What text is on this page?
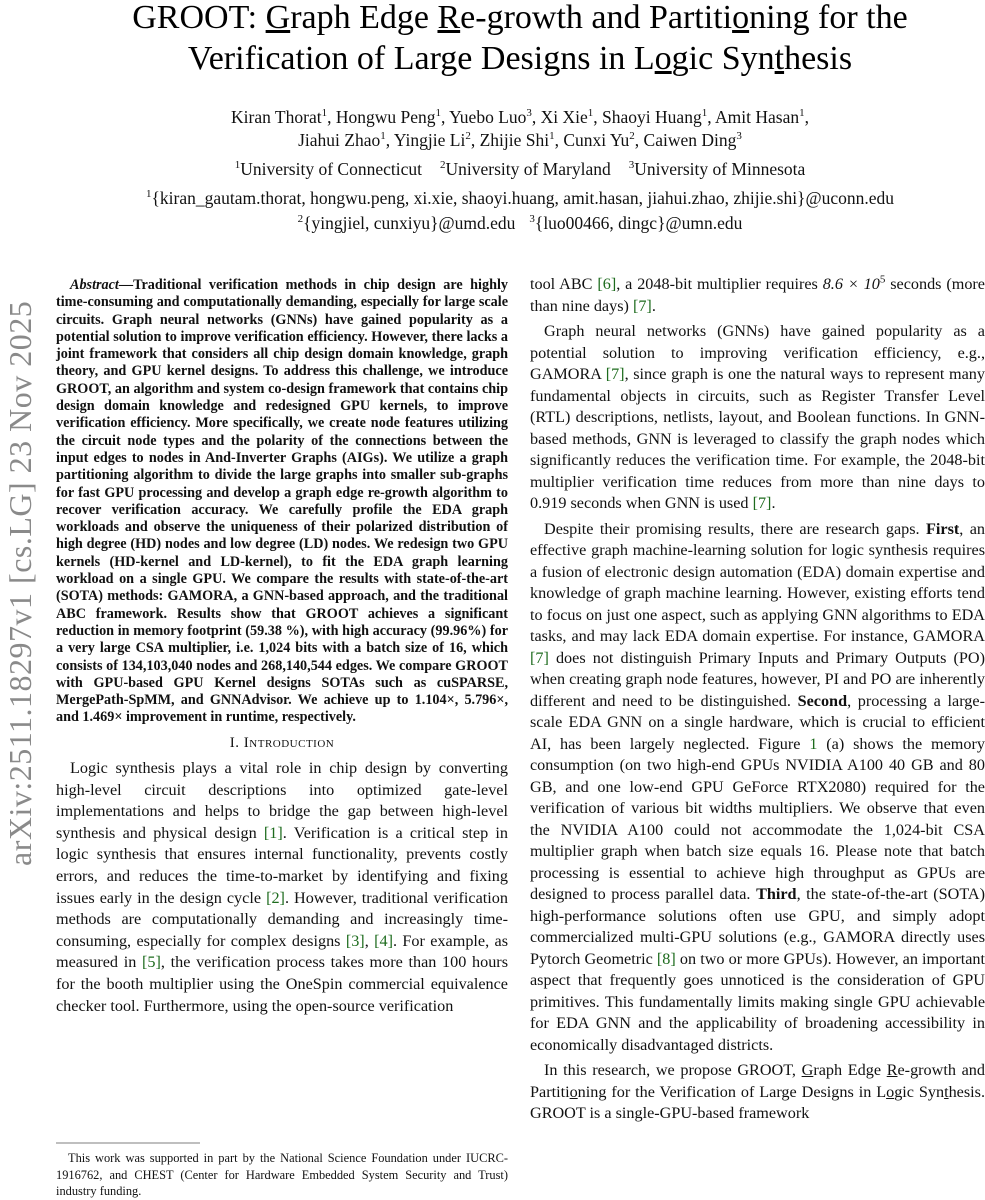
arXiv:2511.18297v1 [cs.LG] 23 Nov 2025
GROOT: Graph Edge Re-growth and Partitioning for the
Verification of Large Designs in Logic Synthesis
Kiran Thorat$^1$, Hongwu Peng$^1$, Yuebo Luo$^3$, Xi Xie$^1$, Shaoyi Huang$^1$, Amit Hasan$^1$,
Jiahui Zhao$^1$, Yingjie Li$^2$, Zhijie Shi$^1$, Cunxi Yu$^2$, Caiwen Ding$^3$
$^1$University of Connecticut $^2$University of Maryland $^3$University of Minnesota
$^1${kiran_gautam.thorat, hongwu.peng, xi.xie, shaoyi.huang, amit.hasan, jiahui.zhao, zhijie.shi}@uconn.edu
$^2${yingjiel, cunxiyu}@umd.edu $^3${luo00466, dingc}@umn.edu
Abstract—Traditional verification methods in chip design are highly time-consuming and computationally demanding, especially for large scale circuits. Graph neural networks (GNNs) have gained popularity as a potential solution to improve verification efficiency. However, there lacks a joint framework that considers all chip design domain knowledge, graph theory, and GPU kernel designs. To address this challenge, we introduce GROOT, an algorithm and system co-design framework that contains chip design domain knowledge and redesigned GPU kernels, to improve verification efficiency. More specifically, we create node features utilizing the circuit node types and the polarity of the connections between the input edges to nodes in And-Inverter Graphs (AIGs). We utilize a graph partitioning algorithm to divide the large graphs into smaller sub-graphs for fast GPU processing and develop a graph edge re-growth algorithm to recover verification accuracy. We carefully profile the EDA graph workloads and observe the uniqueness of their polarized distribution of high degree (HD) nodes and low degree (LD) nodes. We redesign two GPU kernels (HD-kernel and LD-kernel), to fit the EDA graph learning workload on a single GPU. We compare the results with state-of-the-art (SOTA) methods: GAMORA, a GNN-based approach, and the traditional ABC framework. Results show that GROOT achieves a significant reduction in memory footprint (59.38 %), with high accuracy (99.96%) for a very large CSA multiplier, i.e. 1,024 bits with a batch size of 16, which consists of 134,103,040 nodes and 268,140,544 edges. We compare GROOT with GPU-based GPU Kernel designs SOTAs such as cuSPARSE, MergePath-SpMM, and GNNAdvisor. We achieve up to 1.104×, 5.796×, and 1.469× improvement in runtime, respectively.
I. Introduction

Logic synthesis plays a vital role in chip design by converting high-level circuit descriptions into optimized gate-level implementations and helps to bridge the gap between high-level synthesis and physical design [1]. Verification is a critical step in logic synthesis that ensures internal functionality, prevents costly errors, and reduces the time-to-market by identifying and fixing issues early in the design cycle [2]. However, traditional verification methods are computationally demanding and increasingly time-consuming, especially for complex designs [3], [4]. For example, as measured in [5], the verification process takes more than 100 hours for the booth multiplier using the OneSpin commercial equivalence checker tool. Furthermore, using the open-source verification

This work was supported in part by the National Science Foundation under IUCRC-1916762, and CHEST (Center for Hardware Embedded System Security and Trust) industry funding.

tool ABC [6], a 2048-bit multiplier requires $8.6 \times 10^5$ seconds (more than nine days) [7].

Graph neural networks (GNNs) have gained popularity as a potential solution to improving verification efficiency, e.g., GAMORA [7], since graph is one the natural ways to represent many fundamental objects in circuits, such as Register Transfer Level (RTL) descriptions, netlists, layout, and Boolean functions. In GNN-based methods, GNN is leveraged to classify the graph nodes which significantly reduces the verification time. For example, the 2048-bit multiplier verification time reduces from more than nine days to 0.919 seconds when GNN is used [7].

Despite their promising results, there are research gaps. First, an effective graph machine-learning solution for logic synthesis requires a fusion of electronic design automation (EDA) domain expertise and knowledge of graph machine learning. However, existing efforts tend to focus on just one aspect, such as applying GNN algorithms to EDA tasks, and may lack EDA domain expertise. For instance, GAMORA [7] does not distinguish Primary Inputs and Primary Outputs (PO) when creating graph node features, however, PI and PO are inherently different and need to be distinguished. Second, processing a large-scale EDA GNN on a single hardware, which is crucial to efficient AI, has been largely neglected. Figure 1 (a) shows the memory consumption (on two high-end GPUs NVIDIA A100 40 GB and 80 GB, and one low-end GPU GeForce RTX2080) required for the verification of various bit widths multipliers. We observe that even the NVIDIA A100 could not accommodate the 1,024-bit CSA multiplier graph when batch size equals 16. Please note that batch processing is essential to achieve high throughput as GPUs are designed to process parallel data. Third, the state-of-the-art (SOTA) high-performance solutions often use GPU, and simply adopt commercialized multi-GPU solutions (e.g., GAMORA directly uses Pytorch Geometric [8] on two or more GPUs). However, an important aspect that frequently goes unnoticed is the consideration of GPU primitives. This fundamentally limits making single GPU achievable for EDA GNN and the applicability of broadening accessibility in economically disadvantaged districts.

In this research, we propose GROOT, Graph Edge Re-growth and Partitioning for the Verification of Large Designs in Logic Synthesis. GROOT is a single-GPU-based framework
